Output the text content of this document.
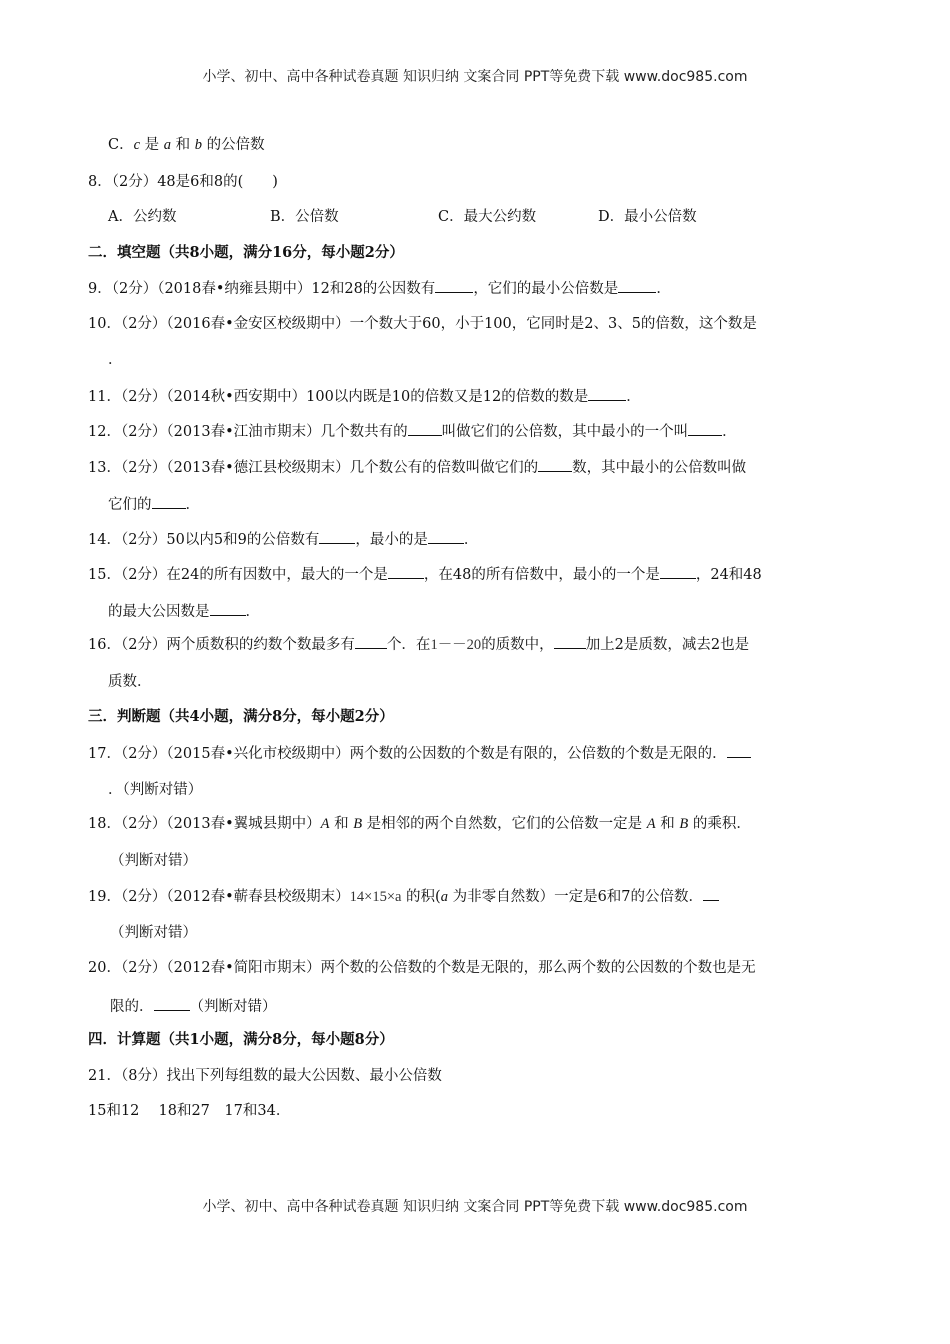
小学、初中、高中各种试卷真题 知识归纳 文案合同 PPT等免费下载 www.doc985.com
C．c 是 a 和 b 的公倍数
8．（2分）48是6和8的(　　)
A．公约数	B．公倍数	C．最大公约数	D．最小公倍数
二．填空题（共8小题，满分16分，每小题2分）
9．（2分）（2018春•纳雍县期中）12和28的公因数有	，它们的最小公倍数是	．
10．（2分）（2016春•金安区校级期中）一个数大于60，小于100，它同时是2、3、5的倍数，这个数是
．
11．（2分）（2014秋•西安期中）100以内既是10的倍数又是12的倍数的数是	．
12．（2分）（2013春•江油市期末）几个数共有的 叫做它们的公倍数，其中最小的一个叫 ．
13．（2分）（2013春•德江县校级期末）几个数公有的倍数叫做它们的 数，其中最小的公倍数叫做
它们的 ．
14．（2分）50以内5和9的公倍数有 ，最小的是 ．
15．（2分）在24的所有因数中，最大的一个是 ，在48的所有倍数中，最小的一个是 ，24和48
的最大公因数是 ．
16．（2分）两个质数积的约数个数最多有 个．在1－－20的质数中， 加上2是质数，减去2也是
质数．
三．判断题（共4小题，满分8分，每小题2分）
17．（2分）（2015春•兴化市校级期中）两个数的公因数的个数是有限的，公倍数的个数是无限的．
．（判断对错）
18．（2分）（2013春•翼城县期中）A 和 B 是相邻的两个自然数，它们的公倍数一定是 A 和 B 的乘积．
（判断对错）
19．（2分）（2012春•蕲春县校级期末）14×15×a 的积(a 为非零自然数）一定是6和7的公倍数．
（判断对错）
20．（2分）（2012春•简阳市期末）两个数的公倍数的个数是无限的，那么两个数的公因数的个数也是无
限的． （判断对错）
四．计算题（共1小题，满分8分，每小题8分）
21．（8分）找出下列每组数的最大公因数、最小公倍数
15和12　 18和27　17和34．
小学、初中、高中各种试卷真题 知识归纳 文案合同 PPT等免费下载 www.doc985.com
